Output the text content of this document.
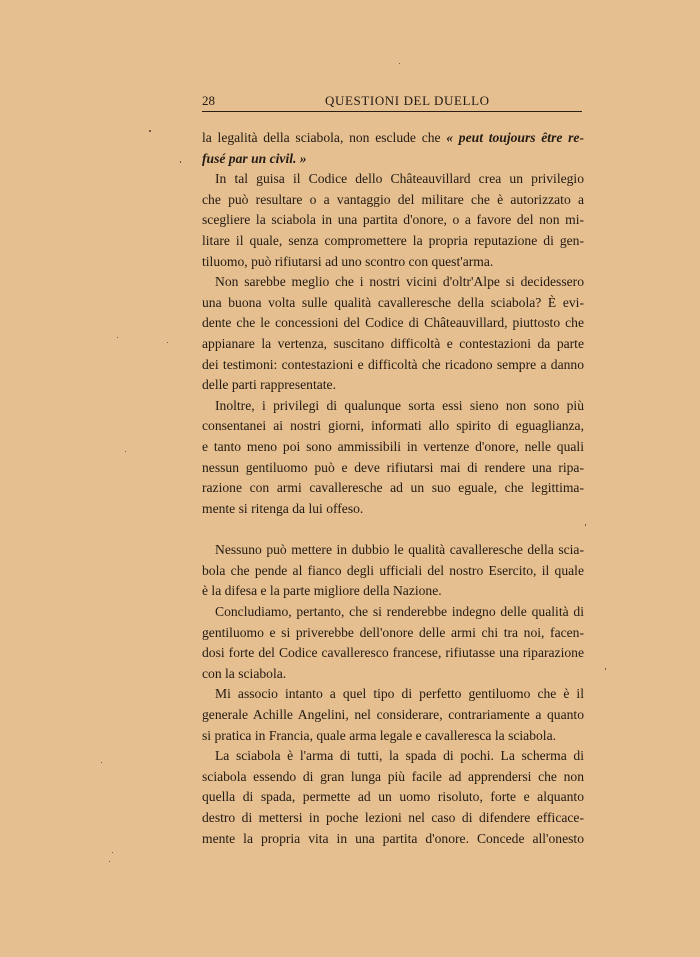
28	QUESTIONI DEL DUELLO
la legalità della sciabola, non esclude che « peut toujours être re-
fusé par un civil. »
In tal guisa il Codice dello Châteauvillard crea un privilegio
che può resultare o a vantaggio del militare che è autorizzato a
scegliere la sciabola in una partita d'onore, o a favore del non mi-
litare il quale, senza compromettere la propria reputazione di gen-
tiluomo, può rifiutarsi ad uno scontro con quest'arma.
Non sarebbe meglio che i nostri vicini d'oltr'Alpe si decidessero
una buona volta sulle qualità cavalleresche della sciabola? È evi-
dente che le concessioni del Codice di Châteauvillard, piuttosto che
appianare la vertenza, suscitano difficoltà e contestazioni da parte
dei testimoni: contestazioni e difficoltà che ricadono sempre a danno
delle parti rappresentate.
Inoltre, i privilegi di qualunque sorta essi sieno non sono più
consentanei ai nostri giorni, informati allo spirito di eguaglianza,
e tanto meno poi sono ammissibili in vertenze d'onore, nelle quali
nessun gentiluomo può e deve rifiutarsi mai di rendere una ripa-
razione con armi cavalleresche ad un suo eguale, che legittima-
mente si ritenga da lui offeso.
Nessuno può mettere in dubbio le qualità cavalleresche della scia-
bola che pende al fianco degli ufficiali del nostro Esercito, il quale
è la difesa e la parte migliore della Nazione.
Concludiamo, pertanto, che si renderebbe indegno delle qualità di
gentiluomo e si priverebbe dell'onore delle armi chi tra noi, facen-
dosi forte del Codice cavalleresco francese, rifiutasse una riparazione
con la sciabola.
Mi associo intanto a quel tipo di perfetto gentiluomo che è il
generale Achille Angelini, nel considerare, contrariamente a quanto
si pratica in Francia, quale arma legale e cavalleresca la sciabola.
La sciabola è l'arma di tutti, la spada di pochi. La scherma di
sciabola essendo di gran lunga più facile ad apprendersi che non
quella di spada, permette ad un uomo risoluto, forte e alquanto
destro di mettersi in poche lezioni nel caso di difendere efficace-
mente la propria vita in una partita d'onore. Concede all'onesto
